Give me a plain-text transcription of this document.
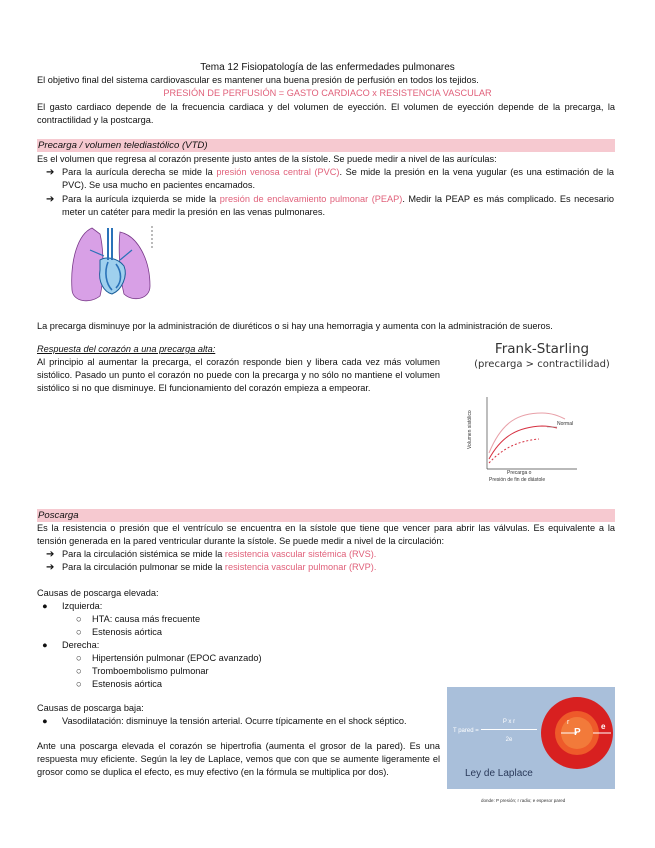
Tema 12 Fisiopatología de las enfermedades pulmonares
El objetivo final del sistema cardiovascular es mantener una buena presión de perfusión en todos los tejidos.
PRESIÓN DE PERFUSIÓN = GASTO CARDIACO x RESISTENCIA VASCULAR
El gasto cardiaco depende de la frecuencia cardiaca y del volumen de eyección. El volumen de eyección depende de la precarga, la contractilidad y la postcarga.
Precarga / volumen telediastólico (VTD)
Es el volumen que regresa al corazón presente justo antes de la sístole. Se puede medir a nivel de las aurículas:
➔ Para la aurícula derecha se mide la presión venosa central (PVC). Se mide la presión en la vena yugular (es una estimación de la PVC). Se usa mucho en pacientes encamados.
➔ Para la aurícula izquierda se mide la presión de enclavamiento pulmonar (PEAP). Medir la PEAP es más complicado. Es necesario meter un catéter para medir la presión en las venas pulmonares.
La precarga disminuye por la administración de diuréticos o si hay una hemorragia y aumenta con la administración de sueros.
Respuesta del corazón a una precarga alta:
Al principio al aumentar la precarga, el corazón responde bien y libera cada vez más volumen sistólico. Pasado un punto el corazón no puede con la precarga y no sólo no mantiene el volumen sistólico si no que disminuye. El funcionamiento del corazón empieza a empeorar.
Frank-Starling
(precarga > contractilidad)
Volumen sistólico	Normal
Precarga o
Presión de fin de diástole
Poscarga
Es la resistencia o presión que el ventrículo se encuentra en la sístole que tiene que vencer para abrir las válvulas. Es equivalente a la tensión generada en la pared ventricular durante la sístole. Se puede medir a nivel de la circulación:
➔ Para la circulación sistémica se mide la resistencia vascular sistémica (RVS).
➔ Para la circulación pulmonar se mide la resistencia vascular pulmonar (RVP).
Causas de poscarga elevada:
● Izquierda:
○ HTA: causa más frecuente
○ Estenosis aórtica
● Derecha:
○ Hipertensión pulmonar (EPOC avanzado)
○ Tromboembolismo pulmonar
○ Estenosis aórtica
Causas de poscarga baja:
● Vasodilatación: disminuye la tensión arterial. Ocurre típicamente en el shock séptico.
Ante una poscarga elevada el corazón se hipertrofia (aumenta el grosor de la pared). Es una respuesta muy eficiente. Según la ley de Laplace, vemos que con que se aumente ligeramente el grosor como se duplica el efecto, es muy efectivo (en la fórmula se multiplica por dos).
T pared =
P x r
2e
Ley de Laplace
r
P
e
donde: P presión; r radio; e espesor pared
